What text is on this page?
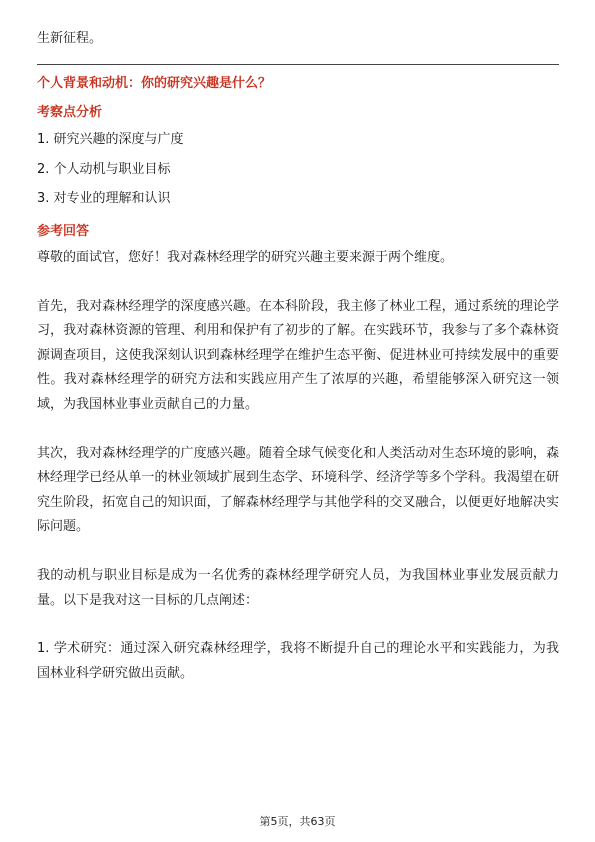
生新征程。
个人背景和动机：你的研究兴趣是什么？
考察点分析
1. 研究兴趣的深度与广度
2. 个人动机与职业目标
3. 对专业的理解和认识
参考回答

尊敬的面试官，您好！我对森林经理学的研究兴趣主要来源于两个维度。

首先，我对森林经理学的深度感兴趣。在本科阶段，我主修了林业工程，通过系统的理论学习，我对森林资源的管理、利用和保护有了初步的了解。在实践环节，我参与了多个森林资源调查项目，这使我深刻认识到森林经理学在维护生态平衡、促进林业可持续发展中的重要性。我对森林经理学的研究方法和实践应用产生了浓厚的兴趣，希望能够深入研究这一领域，为我国林业事业贡献自己的力量。

其次，我对森林经理学的广度感兴趣。随着全球气候变化和人类活动对生态环境的影响，森林经理学已经从单一的林业领域扩展到生态学、环境科学、经济学等多个学科。我渴望在研究生阶段，拓宽自己的知识面，了解森林经理学与其他学科的交叉融合，以便更好地解决实际问题。

我的动机与职业目标是成为一名优秀的森林经理学研究人员，为我国林业事业发展贡献力量。以下是我对这一目标的几点阐述：

1. 学术研究：通过深入研究森林经理学，我将不断提升自己的理论水平和实践能力，为我国林业科学研究做出贡献。

第5页，共63页
